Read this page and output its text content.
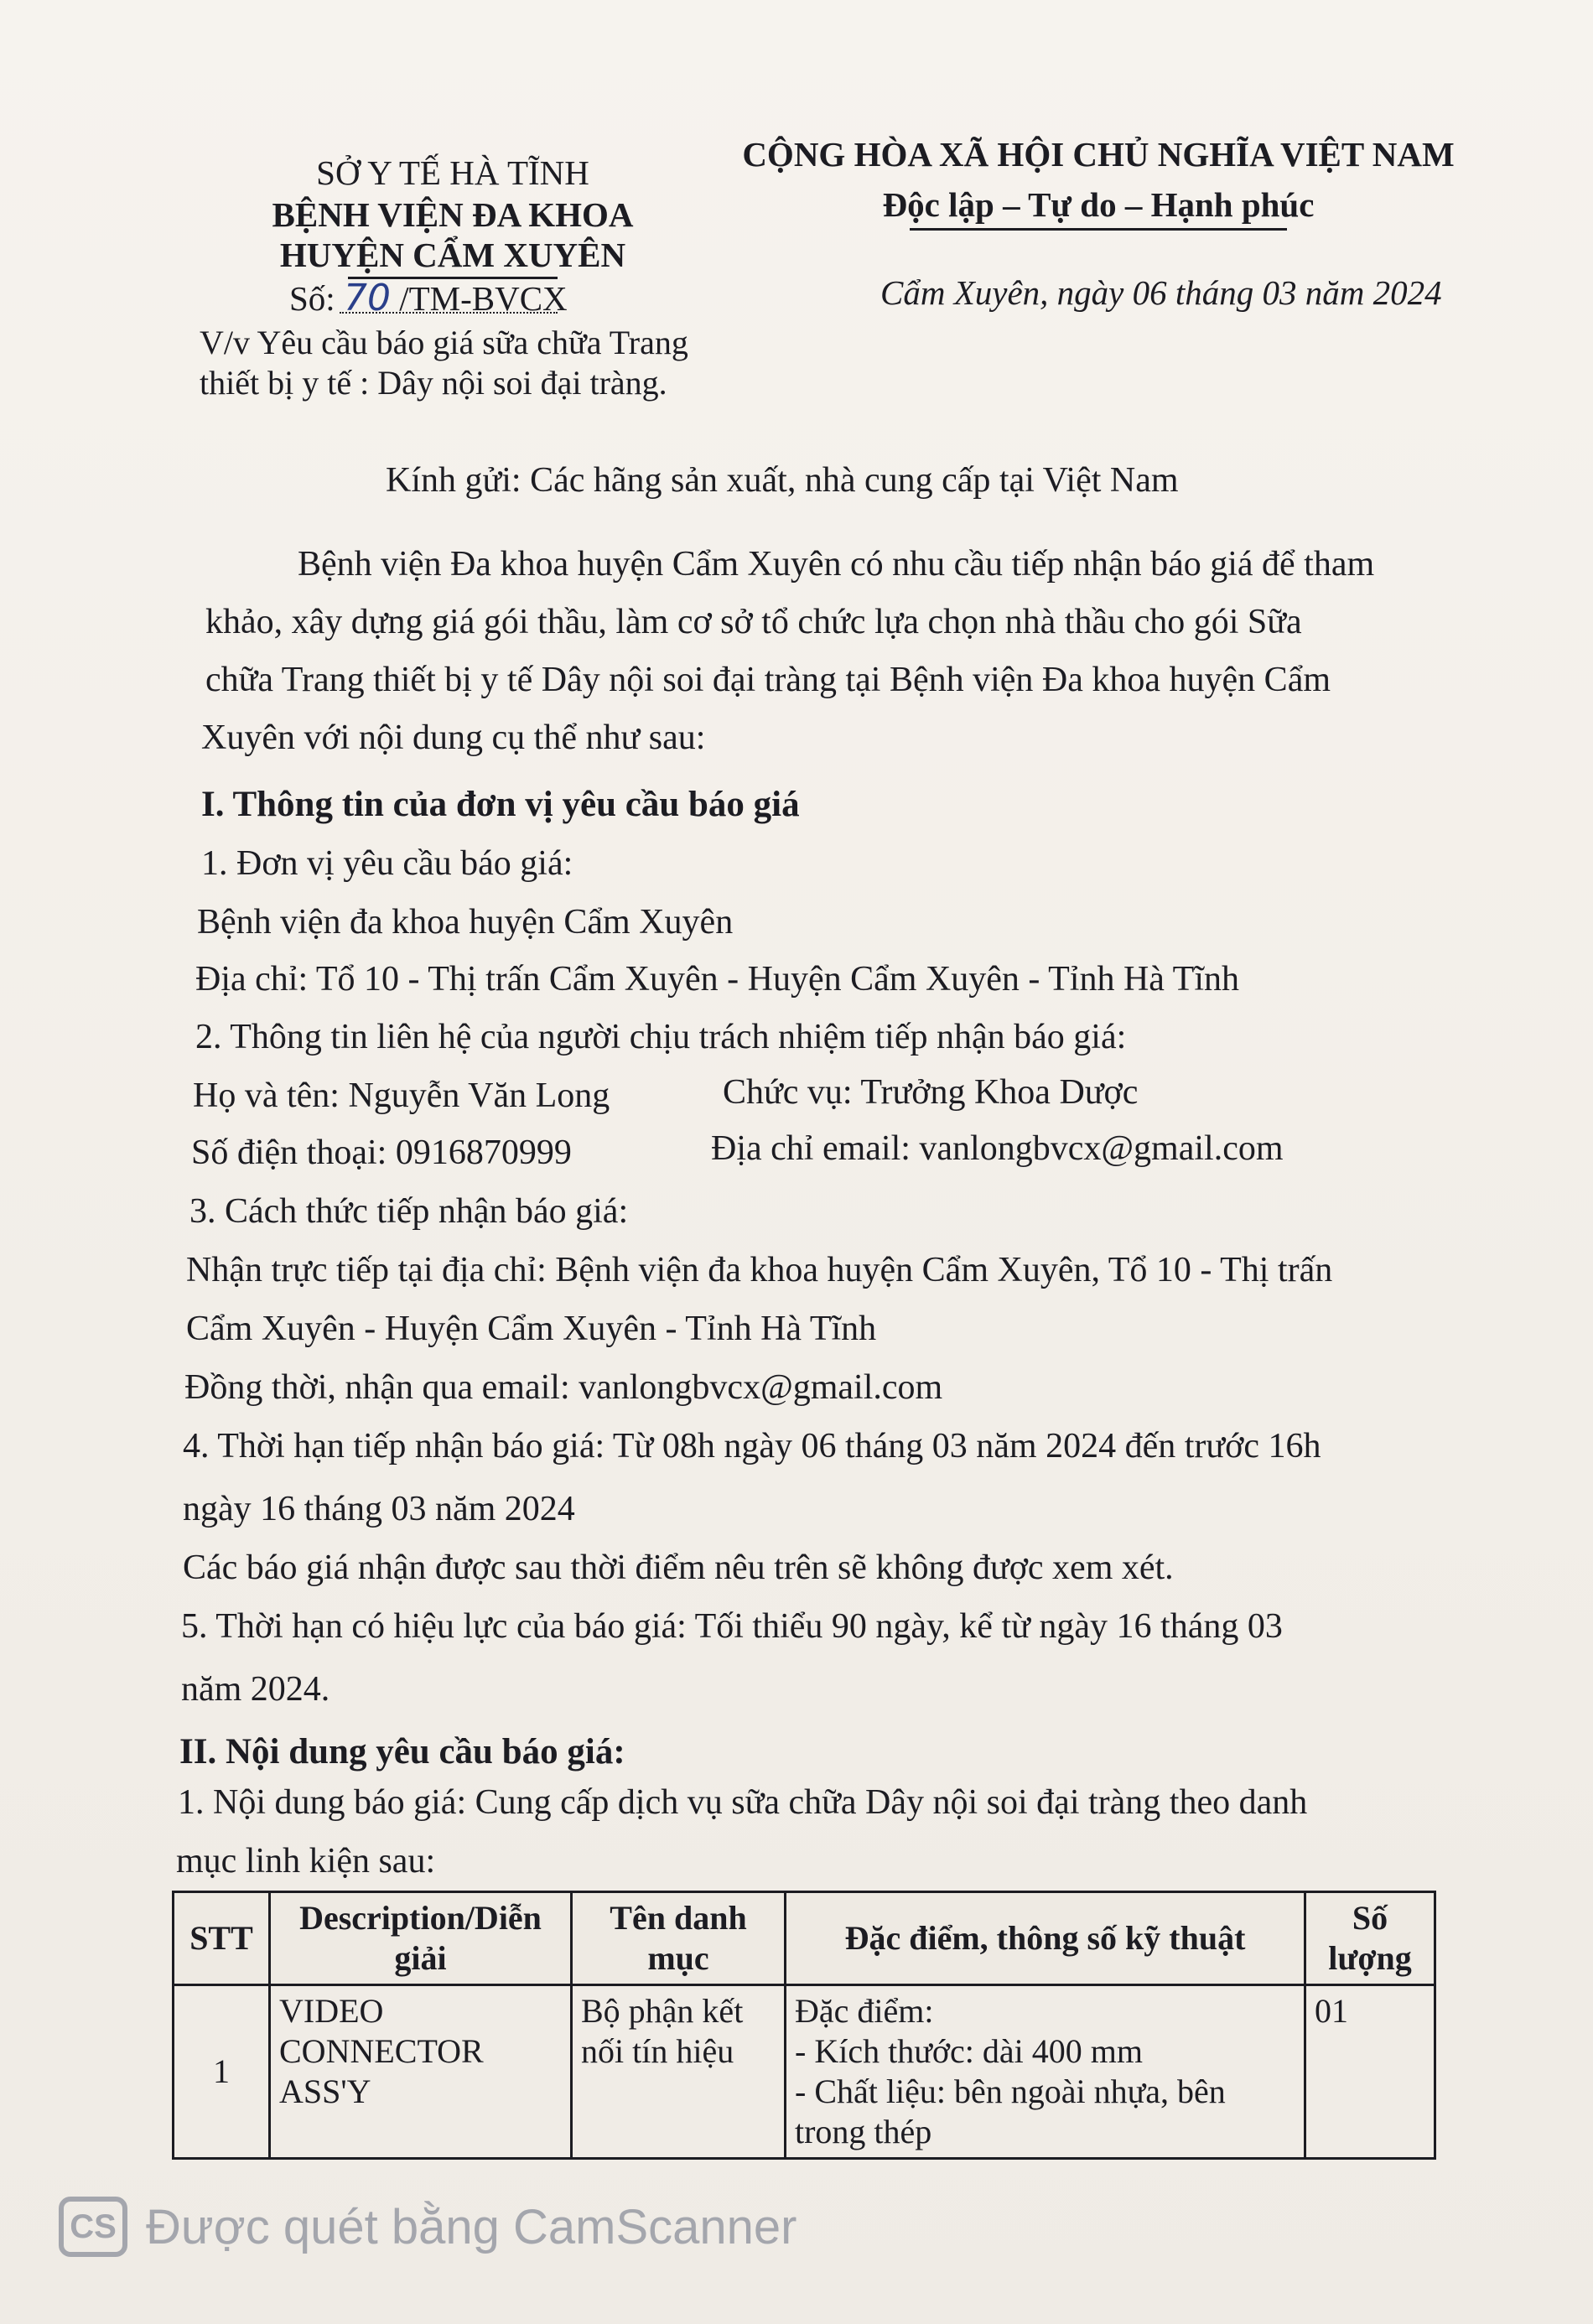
SỞ Y TẾ HÀ TĨNH
BỆNH VIỆN ĐA KHOA
HUYỆN CẨM XUYÊN
Số: 70 /TM-BVCX
V/v Yêu cầu báo giá sữa chữa Trang
thiết bị y tế : Dây nội soi đại tràng.
CỘNG HÒA XÃ HỘI CHỦ NGHĨA VIỆT NAM
Độc lập – Tự do – Hạnh phúc
Cẩm Xuyên, ngày 06 tháng 03 năm 2024
Kính gửi: Các hãng sản xuất, nhà cung cấp tại Việt Nam
Bệnh viện Đa khoa huyện Cẩm Xuyên có nhu cầu tiếp nhận báo giá để tham
khảo, xây dựng giá gói thầu, làm cơ sở tổ chức lựa chọn nhà thầu cho gói Sữa
chữa Trang thiết bị y tế Dây nội soi đại tràng tại Bệnh viện Đa khoa huyện Cẩm
Xuyên với nội dung cụ thể như sau:
I. Thông tin của đơn vị yêu cầu báo giá
1. Đơn vị yêu cầu báo giá:
Bệnh viện đa khoa huyện Cẩm Xuyên
Địa chỉ: Tổ 10 - Thị trấn Cẩm Xuyên - Huyện Cẩm Xuyên - Tỉnh Hà Tĩnh
2. Thông tin liên hệ của người chịu trách nhiệm tiếp nhận báo giá:
Họ và tên: Nguyễn Văn Long	Chức vụ: Trưởng Khoa Dược
Số điện thoại: 0916870999	Địa chỉ email: vanlongbvcx@gmail.com
3. Cách thức tiếp nhận báo giá:
Nhận trực tiếp tại địa chỉ: Bệnh viện đa khoa huyện Cẩm Xuyên, Tổ 10 - Thị trấn
Cẩm Xuyên - Huyện Cẩm Xuyên - Tỉnh Hà Tĩnh
Đồng thời, nhận qua email: vanlongbvcx@gmail.com
4. Thời hạn tiếp nhận báo giá: Từ 08h ngày 06 tháng 03 năm 2024 đến trước 16h
ngày 16 tháng 03 năm 2024
Các báo giá nhận được sau thời điểm nêu trên sẽ không được xem xét.
5. Thời hạn có hiệu lực của báo giá: Tối thiểu 90 ngày, kể từ ngày 16 tháng 03
năm 2024.
II. Nội dung yêu cầu báo giá:
1. Nội dung báo giá: Cung cấp dịch vụ sữa chữa Dây nội soi đại tràng theo danh
mục linh kiện sau:
STT	Description/Diễn giải	Tên danh mục	Đặc điểm, thông số kỹ thuật	Số lượng
1	VIDEO CONNECTOR ASS'Y	Bộ phận kết nối tín hiệu	Đặc điểm:
- Kích thước: dài 400 mm
- Chất liệu: bên ngoài nhựa, bên trong thép	01
CS Được quét bằng CamScanner
